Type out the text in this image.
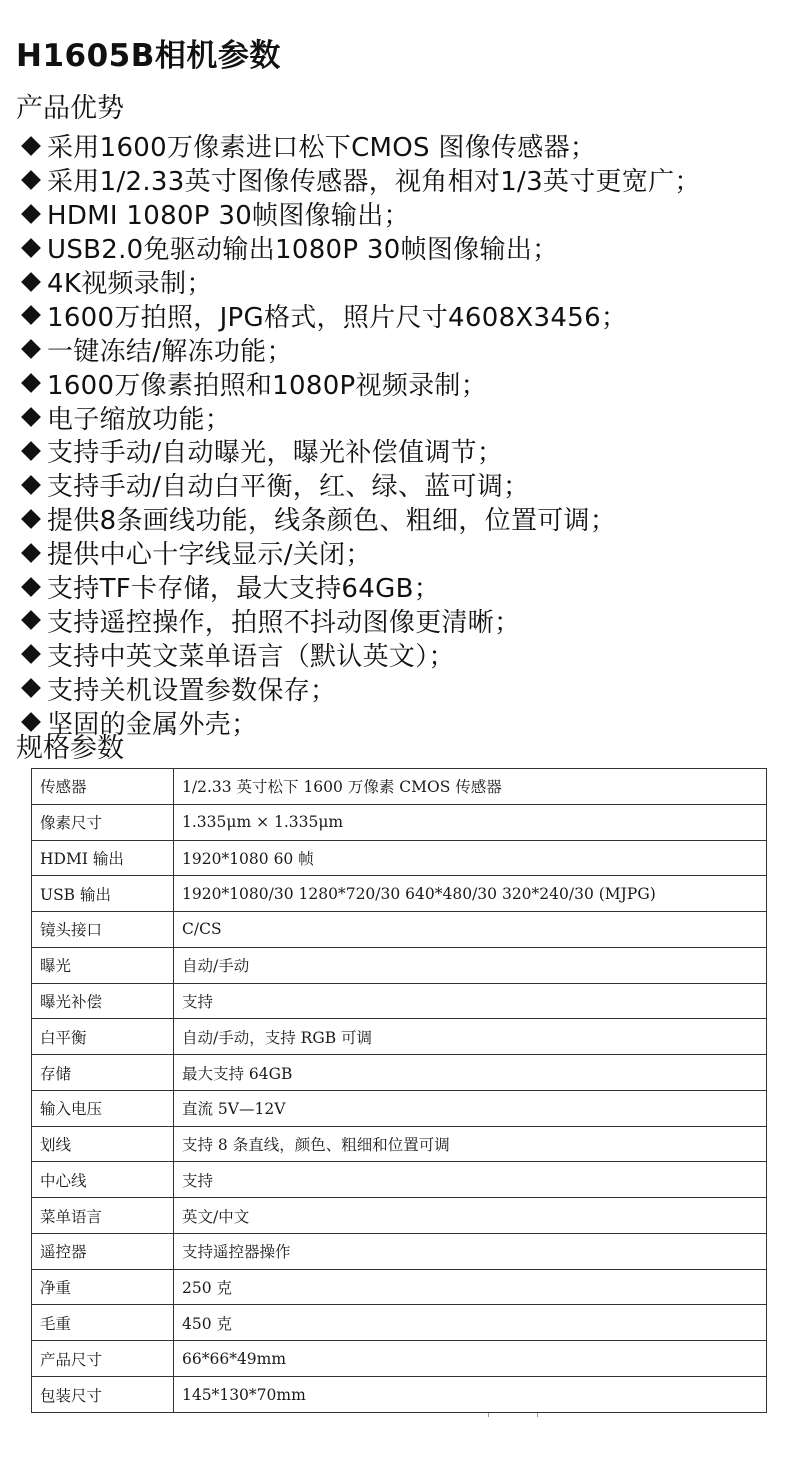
H1605B相机参数
产品优势
采用1600万像素进口松下CMOS 图像传感器；
采用1/2.33英寸图像传感器，视角相对1/3英寸更宽广；
HDMI 1080P 30帧图像输出；
USB2.0免驱动输出1080P 30帧图像输出；
4K视频录制；
1600万拍照，JPG格式，照片尺寸4608X3456；
一键冻结/解冻功能；
1600万像素拍照和1080P视频录制；
电子缩放功能；
支持手动/自动曝光，曝光补偿值调节；
支持手动/自动白平衡，红、绿、蓝可调；
提供8条画线功能，线条颜色、粗细，位置可调；
提供中心十字线显示/关闭；
支持TF卡存储，最大支持64GB；
支持遥控操作，拍照不抖动图像更清晰；
支持中英文菜单语言（默认英文）；
支持关机设置参数保存；
坚固的金属外壳；
规格参数
传感器	1/2.33 英寸松下 1600 万像素 CMOS 传感器
像素尺寸	1.335μm × 1.335μm
HDMI 输出	1920*1080 60 帧
USB 输出	1920*1080/30 1280*720/30 640*480/30 320*240/30 (MJPG)
镜头接口	C/CS
曝光	自动/手动
曝光补偿	支持
白平衡	自动/手动，支持 RGB 可调
存储	最大支持 64GB
输入电压	直流 5V—12V
划线	支持 8 条直线，颜色、粗细和位置可调
中心线	支持
菜单语言	英文/中文
遥控器	支持遥控器操作
净重	250 克
毛重	450 克
产品尺寸	66*66*49mm
包装尺寸	145*130*70mm
